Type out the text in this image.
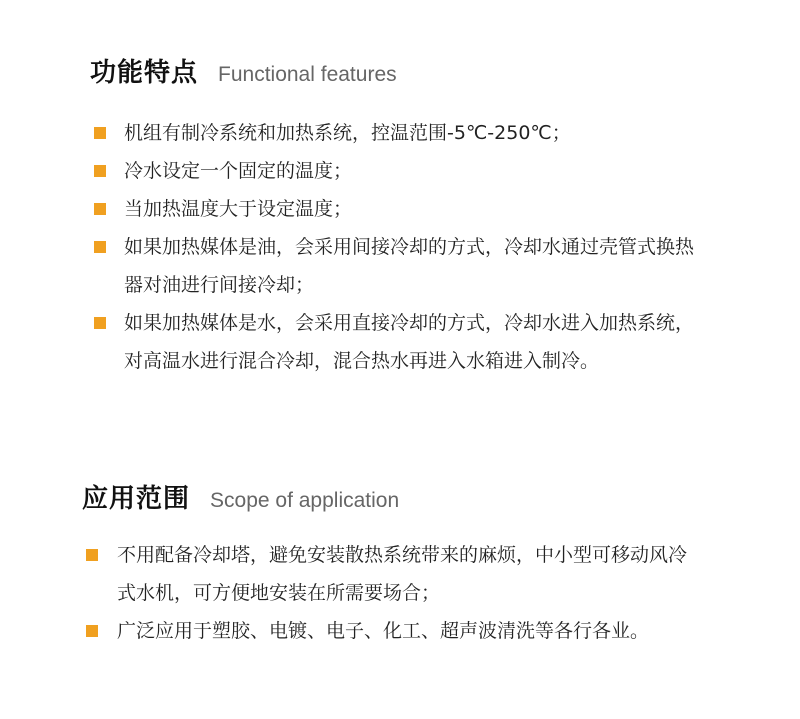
功能特点 Functional features
机组有制冷系统和加热系统，控温范围-5℃-250℃；
冷水设定一个固定的温度；
当加热温度大于设定温度；
如果加热媒体是油，会采用间接冷却的方式，冷却水通过壳管式换热器对油进行间接冷却；
如果加热媒体是水，会采用直接冷却的方式，冷却水进入加热系统，对高温水进行混合冷却，混合热水再进入水箱进入制冷。
应用范围 Scope of application
不用配备冷却塔，避免安装散热系统带来的麻烦，中小型可移动风冷式水机，可方便地安装在所需要场合；
广泛应用于塑胶、电镀、电子、化工、超声波清洗等各行各业。
